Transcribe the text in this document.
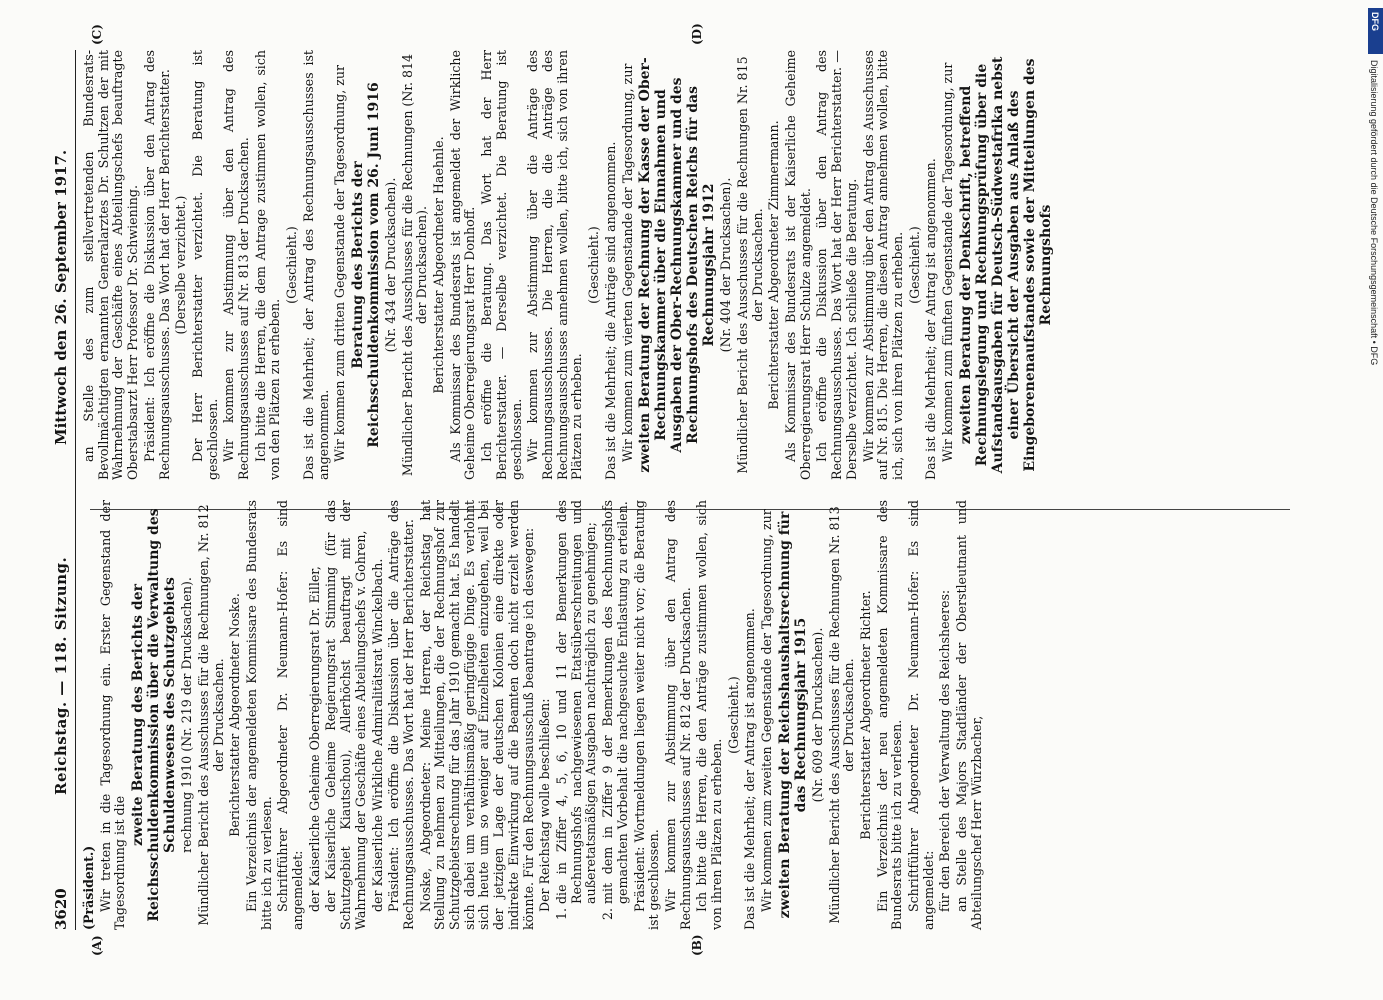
DFG
Digitalisierung gefördert durch die Deutsche Forschungsgemeinschaft • DFG
3620
Reichstag. — 118. Sitzung.
Mittwoch den 26. September 1917.
(A)	(B)
(C)	(D)

(Präsident.) Wir treten in die Tagesordnung ein. Erster Gegenstand der Tagesordnung ist die

zweite Beratung des Berichts der Reichsschuldenkommission über die Verwaltung des Schuldenwesens des Schutzgebiets rechnung 1910 (Nr. 219 der Drucksachen). Mündlicher Bericht des Ausschusses für die Rechnungen, Nr. 812 der Drucksachen. Berichterstatter Abgeordneter Noske. Ein Verzeichnis der angemeldeten Kommissare des Bundesrats bitte ich zu verlesen. Schriftführer Abgeordneter Dr. Neumann-Hofer: Es sind angemeldet: der Kaiserliche Geheime Oberregierungsrat Dr. Eiller, der Kaiserliche Geheime Regierungsrat Stimming (für das Schutzgebiet Kiautschou), Allerhöchst beauftragt mit der Wahrnehmung der Geschäfte eines Abteilungschefs v. Gohren, der Kaiserliche Wirkliche Admiralitätsrat Winckelbach. Präsident: Ich eröffne die Diskussion über die Anträge des Rechnungsausschusses. Das Wort hat der Herr Berichterstatter. Noske, Abgeordneter: Meine Herren, der Reichstag hat Stellung zu nehmen zu Mitteilungen, die der Rechnungshof zur Schutzgebietsrechnung für das Jahr 1910 gemacht hat. Es handelt sich dabei um verhältnismäßig geringfügige Dinge. Es verlohnt sich heute um so weniger auf Einzelheiten einzugehen, weil bei der jetzigen Lage der deutschen Kolonien eine direkte oder indirekte Einwirkung auf die Beamten doch nicht erzielt werden könnte. Für den Rechnungsausschuß beantrage ich deswegen: Der Reichstag wolle beschließen: 1. die in Ziffer 4, 5, 6, 10 und 11 der Bemerkungen des Rechnungshofs nachgewiesenen Etatsüberschreitungen und außeretatsmäßigen Ausgaben nachträglich zu genehmigen; 2. mit dem in Ziffer 9 der Bemerkungen des Rechnungshofs gemachten Vorbehalt die nachgesuchte Entlastung zu erteilen. Präsident: Wortmeldungen liegen weiter nicht vor; die Beratung ist geschlossen. Wir kommen zur Abstimmung über den Antrag des Rechnungsausschusses auf Nr. 812 der Drucksachen. Ich bitte die Herren, die den Anträge zustimmen wollen, sich von ihren Plätzen zu erheben.

(Geschieht.) Das ist die Mehrheit; der Antrag ist angenommen. Wir kommen zum zweiten Gegenstande der Tagesordnung, zur zweiten Beratung der Reichshaushaltsrechnung für das Rechnungsjahr 1915 (Nr. 609 der Drucksachen). Mündlicher Bericht des Ausschusses für die Rechnungen Nr. 813 der Drucksachen. Berichterstatter Abgeordneter Richter. Ein Verzeichnis der neu angemeldeten Kommissare des Bundesrats bitte ich zu verlesen. Schriftführer Abgeordneter Dr. Neumann-Hofer: Es sind angemeldet: für den Bereich der Verwaltung des Reichsheeres: an Stelle des Majors Stadtländer der Oberstleutnant und Abteilungschef Herr Würzbacher,

an Stelle des zum stellvertretenden Bundesrats-Bevollmächtigten ernannten Generalarztes Dr. Schultzen der mit Wahrnehmung der Geschäfte eines Abteilungschefs beauftragte Oberstabsarzt Herr Professor Dr. Schwiening. Präsident: Ich eröffne die Diskussion über den Antrag des Rechnungsausschusses. Das Wort hat der Herr Berichterstatter. (Derselbe verzichtet.) Der Herr Berichterstatter verzichtet. Die Beratung ist geschlossen. Wir kommen zur Abstimmung über den Antrag des Rechnungsausschusses auf Nr. 813 der Drucksachen. Ich bitte die Herren, die dem Antrage zustimmen wollen, sich von den Plätzen zu erheben.

(Geschieht.) Das ist die Mehrheit; der Antrag des Rechnungsausschusses ist angenommen. Wir kommen zum dritten Gegenstande der Tagesordnung, zur Beratung des Berichts der Reichsschuldenkommission vom 26. Juni 1916 (Nr. 434 der Drucksachen). Mündlicher Bericht des Ausschusses für die Rechnungen (Nr. 814 der Drucksachen). Berichterstatter Abgeordneter Haehnle. Als Kommissar des Bundesrats ist angemeldet der Wirkliche Geheime Oberregierungsrat Herr Donhoff. Ich eröffne die Beratung. Das Wort hat der Herr Berichterstatter. — Derselbe verzichtet. Die Beratung ist geschlossen. Wir kommen zur Abstimmung über die Anträge des Rechnungsausschusses. Die Herren, die die Anträge des Rechnungsausschusses annehmen wollen, bitte ich, sich von ihren Plätzen zu erheben.

(Geschieht.) Das ist die Mehrheit; die Anträge sind angenommen. Wir kommen zum vierten Gegenstande der Tagesordnung, zur zweiten Beratung der Rechnung der Kasse der Ober-Rechnungskammer über die Einnahmen und Ausgaben der Ober-Rechnungskammer und des Rechnungshofs des Deutschen Reichs für das Rechnungsjahr 1912 (Nr. 404 der Drucksachen). Mündlicher Bericht des Ausschusses für die Rechnungen Nr. 815 der Drucksachen. Berichterstatter Abgeordneter Zimmermann. Als Kommissar des Bundesrats ist der Kaiserliche Geheime Oberregierungsrat Herr Schulze angemeldet. Ich eröffne die Diskussion über den Antrag des Rechnungsausschusses. Das Wort hat der Herr Berichterstatter. — Derselbe verzichtet. Ich schließe die Beratung. Wir kommen zur Abstimmung über den Antrag des Ausschusses auf Nr. 815. Die Herren, die diesen Antrag annehmen wollen, bitte ich, sich von ihren Plätzen zu erheben. (Geschieht.) Das ist die Mehrheit; der Antrag ist angenommen. Wir kommen zum fünften Gegenstande der Tagesordnung, zur zweiten Beratung der Denkschrift, betreffend Rechnungslegung und Rechnungsprüfung über die Aufstandsausgaben für Deutsch-Südwestafrika nebst einer Übersicht der Ausgaben aus Anlaß des Eingeborenenaufstandes sowie der Mitteilungen des Rechnungshofs
